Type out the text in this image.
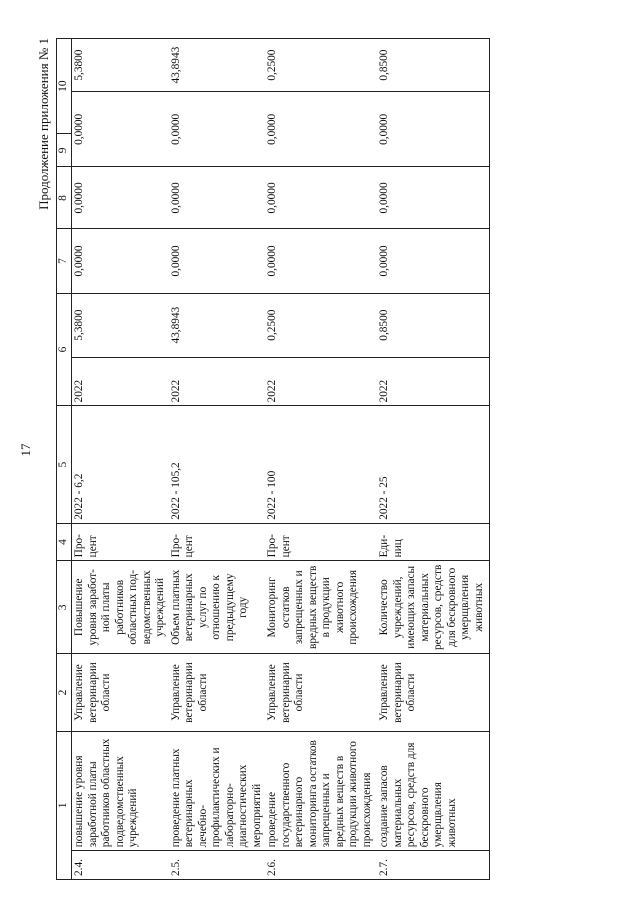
17
Продолжение приложения № 1
1		2	3	4	5	6		7	8	9	10	
2.4.	повышение уровня заработной платы работников областных подведомственных учреждений	Управление ветеринарии области	Повышение уровня заработ-ной платы работников областных под-ведомственных учреждений	Про-цент	2022 - 6,2	2022	5,3800	0,0000	0,0000	0,0000		5,3800
2.5.	проведение платных ветеринарных лечебно-профилактических и лабораторно-диагностических мероприятий	Управление ветеринарии области	Объем платных ветеринарных услуг по отношению к предыдущему году	Про-цент	2022 - 105,2	2022	43,8943	0,0000	0,0000	0,0000		43,8943
2.6.	проведение государственного ветеринарного мониторинга остатков запрещенных и вредных веществ в продукции животного происхождения	Управление ветеринарии области	Мониторинг остатков запрещенных и вредных веществ в продукции животного происхождения	Про-цент	2022 - 100	2022	0,2500	0,0000	0,0000	0,0000		0,2500
2.7.	создание запасов материальных ресурсов, средств для бескровного умерщвления животных	Управление ветеринарии области	Количество учреждений, имеющих запасы материальных ресурсов, средств для бескровного умерщвления животных	Еди-ниц	2022 - 25	2022	0,8500	0,0000	0,0000	0,0000		0,8500
